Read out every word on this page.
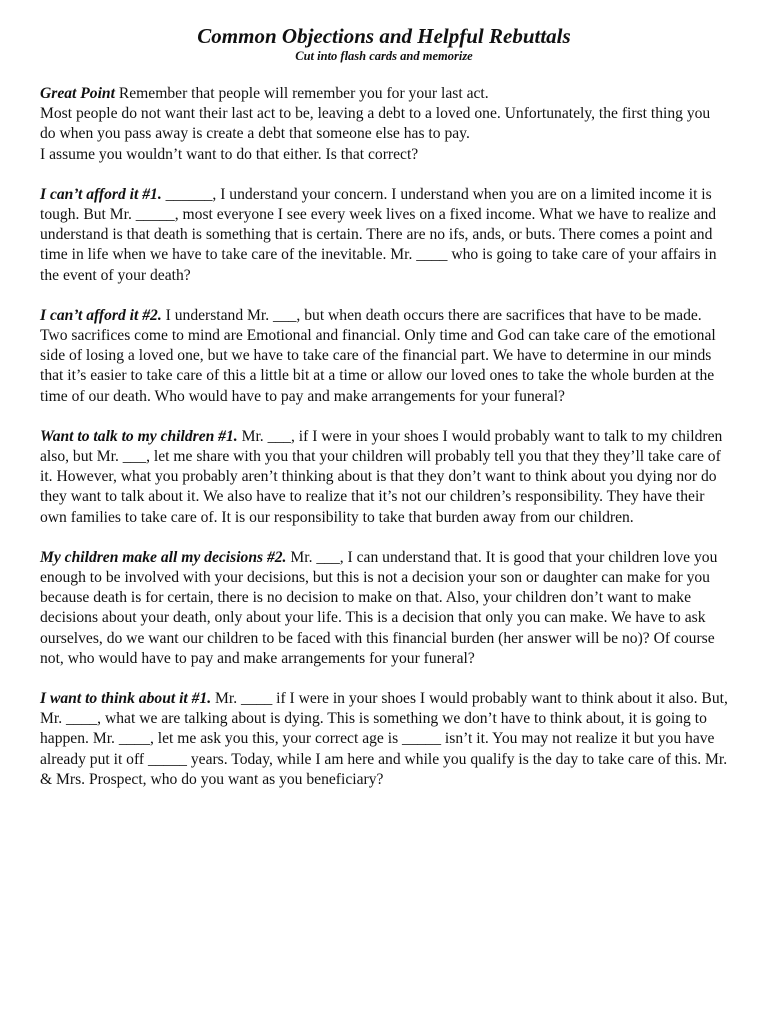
Common Objections and Helpful Rebuttals
Cut into flash cards and memorize

Great Point Remember that people will remember you for your last act.

Most people do not want their last act to be, leaving a debt to a loved one. Unfortunately, the first thing you do when you pass away is create a debt that someone else has to pay.

I assume you wouldn’t want to do that either. Is that correct?

I can’t afford it #1. ______, I understand your concern. I understand when you are on a limited income it is tough. But Mr. _____, most everyone I see every week lives on a fixed income. What we have to realize and understand is that death is something that is certain. There are no ifs, ands, or buts. There comes a point and time in life when we have to take care of the inevitable. Mr. ____ who is going to take care of your affairs in the event of your death?

I can’t afford it #2. I understand Mr. ___, but when death occurs there are sacrifices that have to be made. Two sacrifices come to mind are Emotional and financial. Only time and God can take care of the emotional side of losing a loved one, but we have to take care of the financial part. We have to determine in our minds that it’s easier to take care of this a little bit at a time or allow our loved ones to take the whole burden at the time of our death. Who would have to pay and make arrangements for your funeral?

Want to talk to my children #1. Mr. ___, if I were in your shoes I would probably want to talk to my children also, but Mr. ___, let me share with you that your children will probably tell you that they they’ll take care of it. However, what you probably aren’t thinking about is that they don’t want to think about you dying nor do they want to talk about it. We also have to realize that it’s not our children’s responsibility. They have their own families to take care of. It is our responsibility to take that burden away from our children.

My children make all my decisions #2. Mr. ___, I can understand that. It is good that your children love you enough to be involved with your decisions, but this is not a decision your son or daughter can make for you because death is for certain, there is no decision to make on that. Also, your children don’t want to make decisions about your death, only about your life. This is a decision that only you can make. We have to ask ourselves, do we want our children to be faced with this financial burden (her answer will be no)? Of course not, who would have to pay and make arrangements for your funeral?

I want to think about it #1. Mr. ____ if I were in your shoes I would probably want to think about it also. But, Mr. ____, what we are talking about is dying. This is something we don’t have to think about, it is going to happen. Mr. ____, let me ask you this, your correct age is _____ isn’t it. You may not realize it but you have already put it off _____ years. Today, while I am here and while you qualify is the day to take care of this. Mr. & Mrs. Prospect, who do you want as you beneficiary?
